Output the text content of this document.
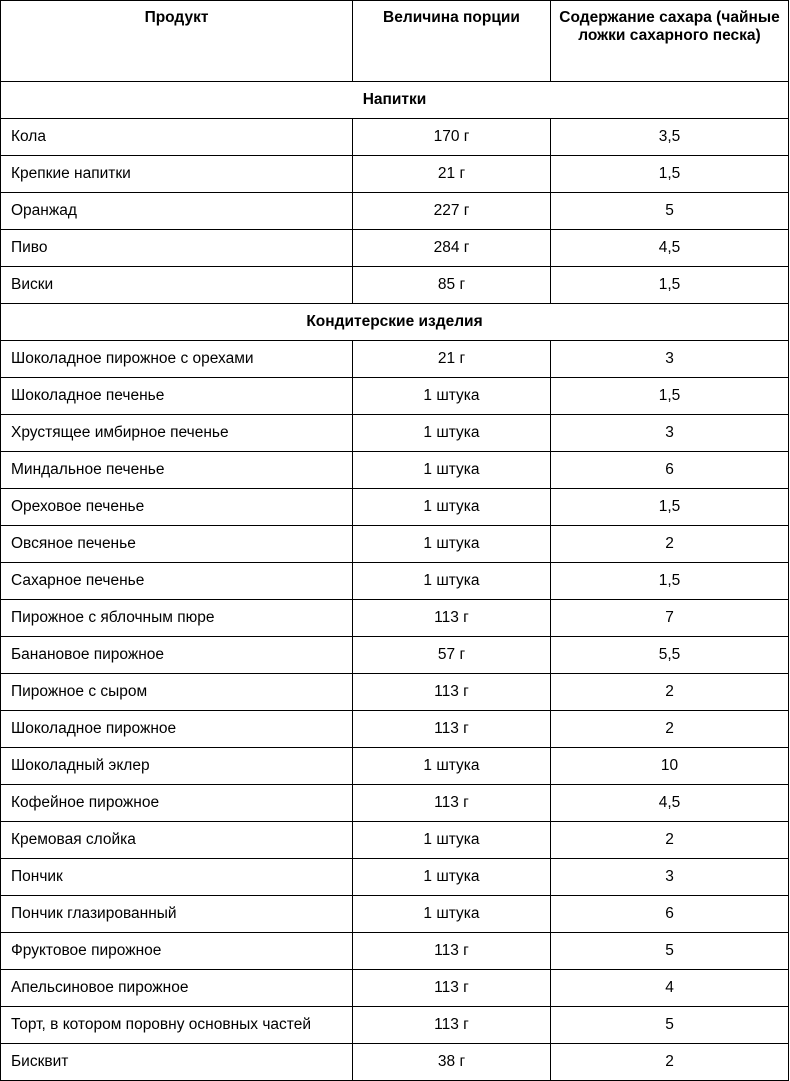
Продукт	Величина порции	Содержание сахара (чайные ложки сахарного песка)
Напитки		
Кола	170 г	3,5
Крепкие напитки	21 г	1,5
Оранжад	227 г	5
Пиво	284 г	4,5
Виски	85 г	1,5
Кондитерские изделия		
Шоколадное пирожное с орехами	21 г	3
Шоколадное печенье	1 штука	1,5
Хрустящее имбирное печенье	1 штука	3
Миндальное печенье	1 штука	6
Ореховое печенье	1 штука	1,5
Овсяное печенье	1 штука	2
Сахарное печенье	1 штука	1,5
Пирожное с яблочным пюре	113 г	7
Банановое пирожное	57 г	5,5
Пирожное с сыром	113 г	2
Шоколадное пирожное	113 г	2
Шоколадный эклер	1 штука	10
Кофейное пирожное	113 г	4,5
Кремовая слойка	1 штука	2
Пончик	1 штука	3
Пончик глазированный	1 штука	6
Фруктовое пирожное	113 г	5
Апельсиновое пирожное	113 г	4
Торт, в котором поровну основных частей	113 г	5
Бисквит	38 г	2
